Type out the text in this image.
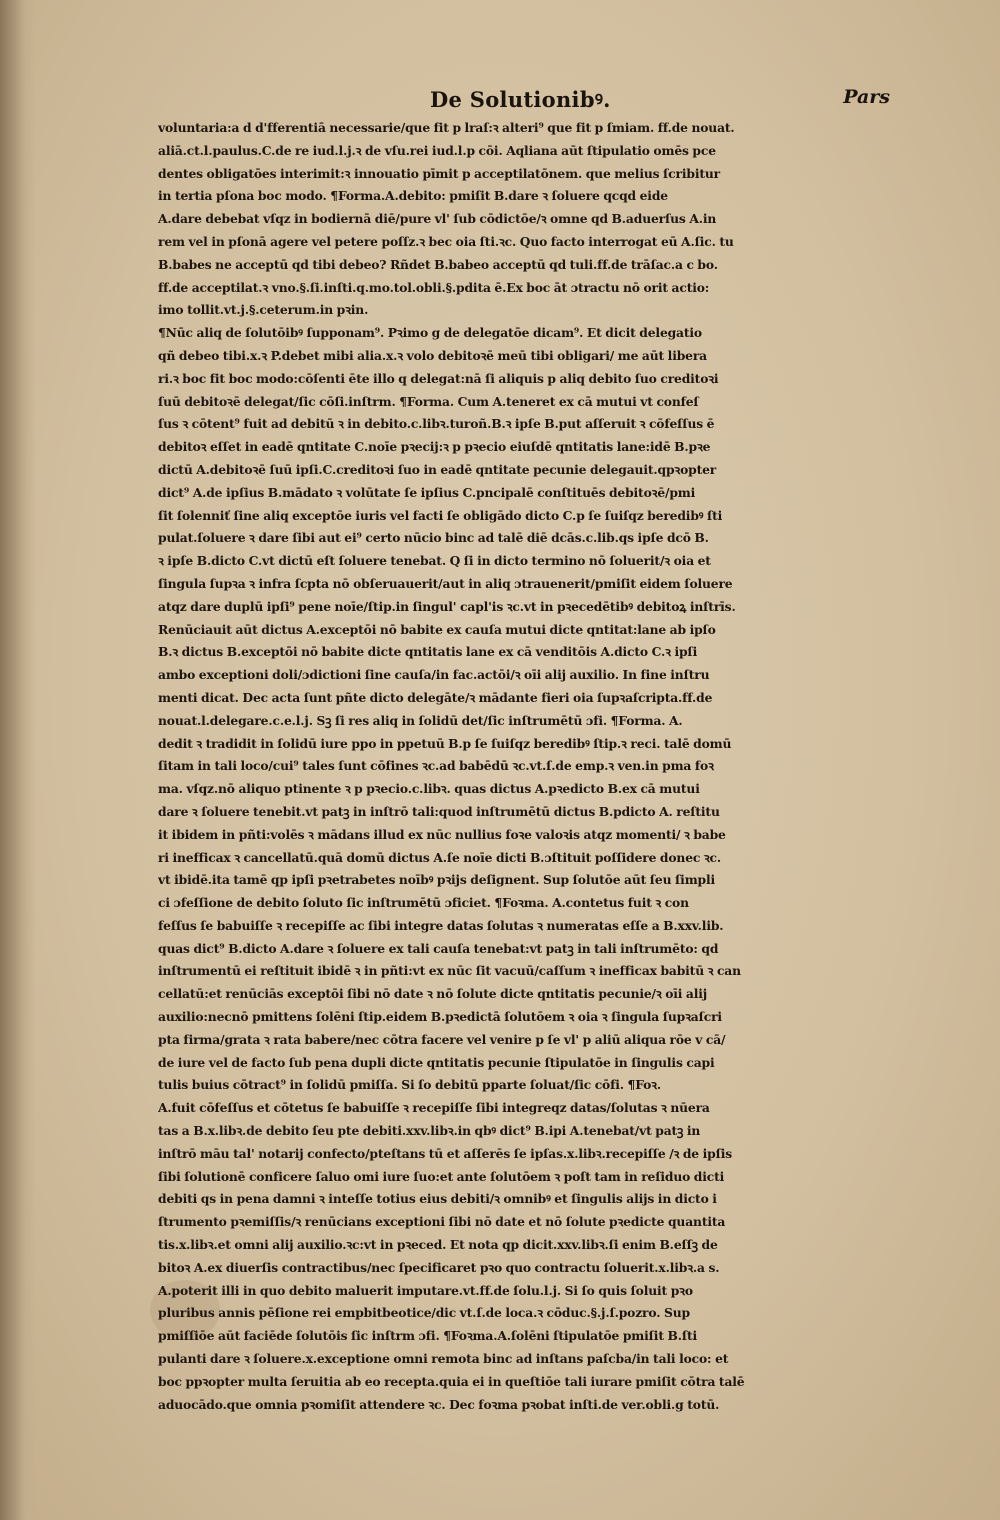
De Solutionibꝰ.	Pars
voluntaria:a d d'fferentiā necessarie/que fit p lraſ:ꝛ alteri⁹ que fit p ſmiam. ff.de nouat.
aliā.ct.l.paulus.C.de re iud.l.j.ꝛ de vſu.rei iud.l.p cōi. Aqliana aūt ſtipulatio omēs pce
dentes obligatōes interimit:ꝛ innouatio pīmit p acceptilatōnem. que melius ſcribitur
in tertia pſona boc modo. ¶Forma.A.debito: pmiſit B.dare ꝛ ſoluere qcqd eide
A.dare debebat vſqz in bodiernā diē/pure vl' ſub cōdictōe/ꝛ omne qd B.aduerſus A.in
rem vel in pſonā agere vel petere poſſz.ꝛ bec oia ſti.ꝛc. Quo facto interrogat eū A.ſic. tu
B.babes ne acceptū qd tibi debeo? Rñdet B.babeo acceptū qd tuli.ff.de trāſac.a c bo.
ff.de acceptilat.ꝛ vno.§.ſi.inſti.q.mo.tol.obli.§.pdita ē.Ex boc āt ɔtractu nō orit actio:
imo tollit.vt.j.§.ceterum.in pꝛin.
¶Nūc aliq de ſolutōibꝰ ſupponam⁹. Pꝛimo g de delegatōe dicam⁹. Et dicit delegatio
qñ debeo tibi.x.ꝛ P.debet mibi alia.x.ꝛ volo debitoꝛē meū tibi obligari/ me aūt libera
ri.ꝛ boc fit boc modo:cōſenti ēte illo q delegat:nā ſi aliquis p aliq debito ſuo creditoꝛi
ſuū debitoꝛē delegat/ſic cōſi.inſtrm. ¶Forma. Cum A.teneret ex cā mutui vt confeſ
ſus ꝛ cōtent⁹ fuit ad debitū ꝛ in debito.c.libꝛ.turoñ.B.ꝛ ipſe B.put aſſeruit ꝛ cōfeſſus ē
debitoꝛ eſſet in eadē qntitate C.noīe pꝛecij:ꝛ p pꝛecio eiuſdē qntitatis lane:idē B.pꝛe
dictū A.debitoꝛē ſuū ipſi.C.creditoꝛi ſuo in eadē qntitate pecunie delegauit.qpꝛopter
dict⁹ A.de ipſius B.mādato ꝛ volūtate ſe ipſius C.pncipalē conſtituēs debitoꝛē/pmi
ſit ſolenniť ſine aliq exceptōe iuris vel facti ſe obligādo dicto C.p ſe ſuiſqz beredibꝰ ſti
pulat.ſoluere ꝛ dare ſibi aut ei⁹ certo nūcio binc ad talē diē dcās.c.lib.qs ipſe dcō B.
ꝛ ipſe B.dicto C.vt dictū eſt ſoluere tenebat. Q ſi in dicto termino nō ſoluerit/ꝛ oia et
ſingula ſupꝛa ꝛ infra ſcpta nō obſeruauerit/aut in aliq ɔtrauenerit/pmiſit eidem ſoluere
atqz dare duplū ipſi⁹ pene noīe/ſtip.in ſingul' capl'is ꝛc.vt in pꝛecedētibꝰ debitoꝝ inſtrīs.
Renūciauit aūt dictus A.exceptōi nō babite ex cauſa mutui dicte qntitat:lane ab ipſo
B.ꝛ dictus B.exceptōi nō babite dicte qntitatis lane ex cā venditōis A.dicto C.ꝛ ipſi
ambo exceptioni doli/ɔdictioni ſine cauſa/in fac.actōi/ꝛ oīi alij auxilio. In fine inſtru
menti dicat. Dec acta ſunt pñte dicto delegāte/ꝛ mādante fieri oia ſupꝛaſcripta.ff.de
nouat.l.delegare.c.e.l.j. Sꝫ ſi res aliq in ſolidū det/ſic inſtrumētū ɔfi. ¶Forma. A.
dedit ꝛ tradidit in ſolidū iure ppo in ppetuū B.p ſe ſuiſqz beredibꝰ ſtip.ꝛ reci. talē domū
ſitam in tali loco/cui⁹ tales ſunt cōfines ꝛc.ad babēdū ꝛc.vt.ſ.de emp.ꝛ ven.in pma foꝛ
ma. vſqz.nō aliquo ptinente ꝛ p pꝛecio.c.libꝛ. quas dictus A.pꝛedicto B.ex cā mutui
dare ꝛ ſoluere tenebit.vt patꝫ in inſtrō tali:quod inſtrumētū dictus B.pdicto A. reſtitu
it ibidem in pñti:volēs ꝛ mādans illud ex nūc nullius foꝛe valoꝛis atqz momenti/ ꝛ babe
ri inefficax ꝛ cancellatū.quā domū dictus A.ſe noīe dicti B.ɔſtituit poſſidere donec ꝛc.
vt ibidē.ita tamē qp ipſi pꝛetrabetes noībꝰ pꝛijs deſignent. Sup ſolutōe aūt ſeu ſimpli
ci ɔfeſſione de debito ſoluto ſic inſtrumētū ɔficiet. ¶Foꝛma. A.contetus fuit ꝛ con
feſſus ſe babuiſſe ꝛ recepiſſe ac ſibi integre datas ſolutas ꝛ numeratas eſſe a B.xxv.lib.
quas dict⁹ B.dicto A.dare ꝛ ſoluere ex tali cauſa tenebat:vt patꝫ in tali inſtrumēto: qd
inſtrumentū ei reſtituit ibidē ꝛ in pñti:vt ex nūc ſit vacuū/caſſum ꝛ inefficax babitū ꝛ can
cellatū:et renūciās exceptōi ſibi nō date ꝛ nō ſolute dicte qntitatis pecunie/ꝛ oīi alij
auxilio:necnō pmittens ſolēni ſtip.eidem B.pꝛedictā ſolutōem ꝛ oia ꝛ ſingula ſupꝛaſcri
pta firma/grata ꝛ rata babere/nec cōtra facere vel venire p ſe vl' p aliū aliqua rōe v cā/
de iure vel de facto ſub pena dupli dicte qntitatis pecunie ſtipulatōe in ſingulis capi
tulis buius cōtract⁹ in ſolidū pmiſſa. Si ſo debitū pparte ſoluat/ſic cōfi. ¶Foꝛ.
A.fuit cōfeſſus et cōtetus ſe babuiſſe ꝛ recepiſſe ſibi integreqz datas/ſolutas ꝛ nūera
tas a B.x.libꝛ.de debito ſeu pte debiti.xxv.libꝛ.in qbꝰ dict⁹ B.ipi A.tenebat/vt patꝫ in
inſtrō māu tal' notarij confecto/pteſtans tū et aſſerēs ſe ipſas.x.libꝛ.recepiſſe /ꝛ de ipſis
ſibi ſolutionē conficere ſaluo omi iure ſuo:et ante ſolutōem ꝛ poſt tam in reſiduo dicti
debiti qs in pena damni ꝛ inteſſe totius eius debiti/ꝛ omnibꝰ et ſingulis alijs in dicto i
ſtrumento pꝛemiſſis/ꝛ renūcians exceptioni ſibi nō date et nō ſolute pꝛedicte quantita
tis.x.libꝛ.et omni alij auxilio.ꝛc:vt in pꝛeced. Et nota qp dicit.xxv.libꝛ.ſi enim B.eſſꝫ de
bitoꝛ A.ex diuerſis contractibus/nec ſpecificaret pꝛo quo contractu ſoluerit.x.libꝛ.a s.
A.poterit illi in quo debito maluerit imputare.vt.ff.de ſolu.l.j. Si ſo quis ſoluit pꝛo
pluribus annis pēſione rei empbitbeotice/dic vt.ſ.de loca.ꝛ cōduc.§.j.ſ.pozro. Sup
pmiſſiōe aūt faciēde ſolutōis ſic inſtrm ɔfi. ¶Foꝛma.A.ſolēni ſtipulatōe pmiſit B.ſti
pulanti dare ꝛ ſoluere.x.exceptione omni remota binc ad inſtans paſcba/in tali loco: et
boc ppꝛopter multa ſeruitia ab eo recepta.quia ei in queſtiōe tali iurare pmiſit cōtra talē
aduocādo.que omnia pꝛomiſit attendere ꝛc. Dec foꝛma pꝛobat inſti.de ver.obli.g totū.
